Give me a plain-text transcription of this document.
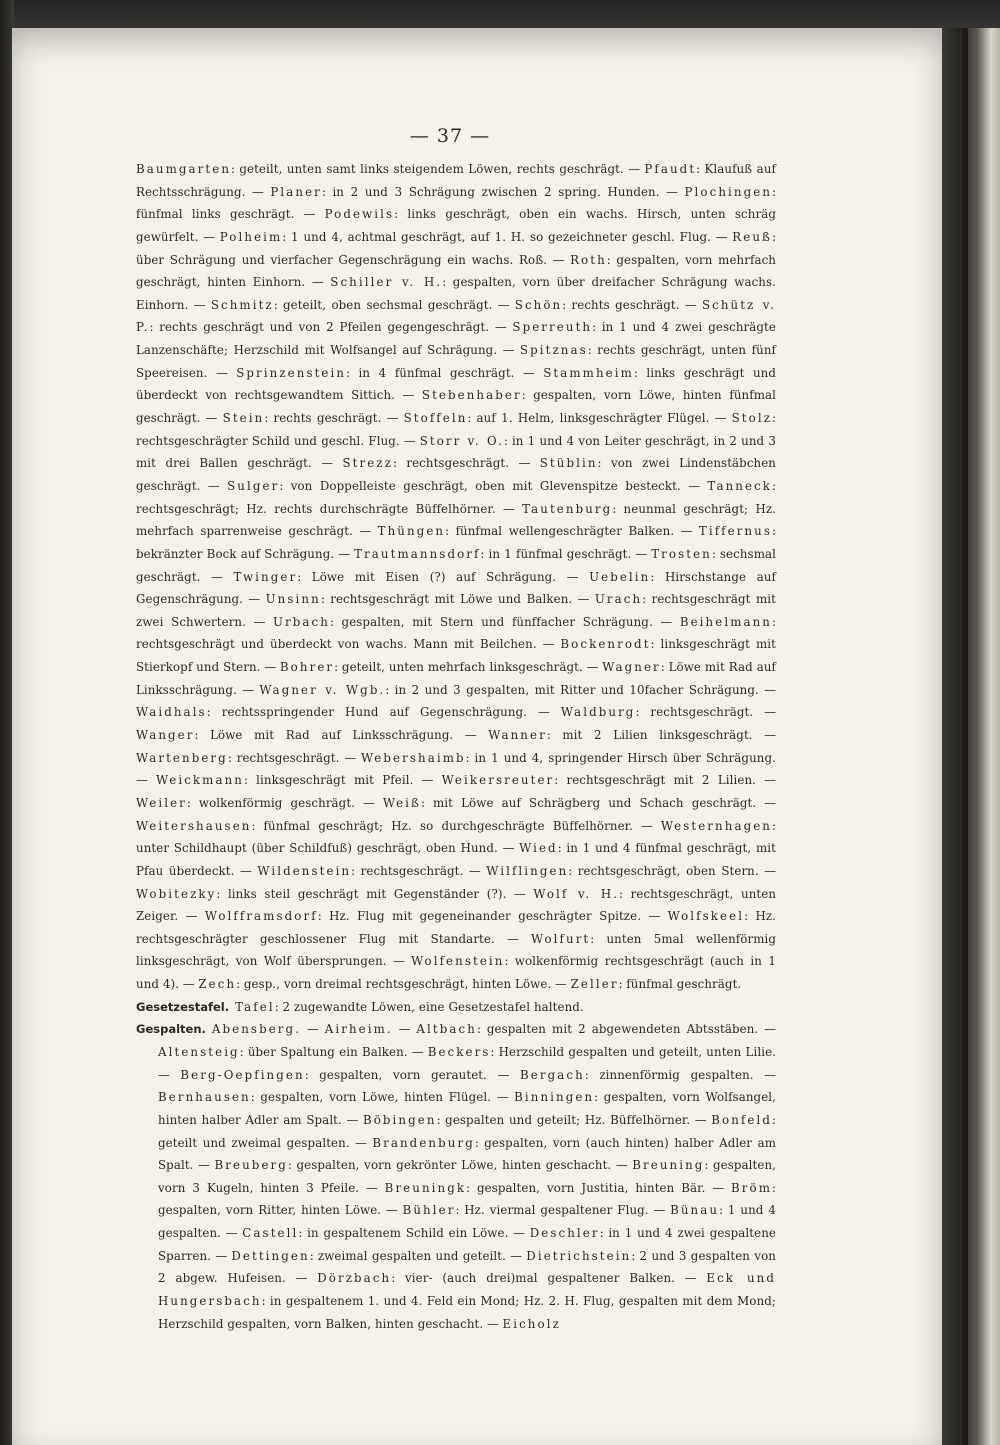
— 37 —

Baumgarten: geteilt, unten samt links steigendem Löwen, rechts geschrägt. — Pfaudt: Klaufuß auf Rechtsschrägung. — Planer: in 2 und 3 Schrägung zwischen 2 spring. Hunden. — Plochingen: fünfmal links geschrägt. — Podewils: links geschrägt, oben ein wachs. Hirsch, unten schräg gewürfelt. — Polheim: 1 und 4, achtmal geschrägt, auf 1. H. so gezeichneter geschl. Flug. — Reuß: über Schrägung und vierfacher Gegenschrägung ein wachs. Roß. — Roth: gespalten, vorn mehrfach geschrägt, hinten Einhorn. — Schiller v. H.: gespalten, vorn über dreifacher Schrägung wachs. Einhorn. — Schmitz: geteilt, oben sechsmal geschrägt. — Schön: rechts geschrägt. — Schütz v. P.: rechts geschrägt und von 2 Pfeilen gegengeschrägt. — Sperreuth: in 1 und 4 zwei geschrägte Lanzenschäfte; Herzschild mit Wolfsangel auf Schrägung. — Spitznas: rechts geschrägt, unten fünf Speereisen. — Sprinzenstein: in 4 fünfmal geschrägt. — Stammheim: links geschrägt und überdeckt von rechtsgewandtem Sittich. — Stebenhaber: gespalten, vorn Löwe, hinten fünfmal geschrägt. — Stein: rechts geschrägt. — Stoffeln: auf 1. Helm, linksgeschrägter Flügel. — Stolz: rechtsgeschrägter Schild und geschl. Flug. — Storr v. O.: in 1 und 4 von Leiter geschrägt, in 2 und 3 mit drei Ballen geschrägt. — Strezz: rechtsgeschrägt. — Stüblin: von zwei Lindenstäbchen geschrägt. — Sulger: von Doppelleiste geschrägt, oben mit Glevenspitze besteckt. — Tanneck: rechtsgeschrägt; Hz. rechts durchschrägte Büffelhörner. — Tautenburg: neunmal geschrägt; Hz. mehrfach sparrenweise geschrägt. — Thüngen: fünfmal wellengeschrägter Balken. — Tiffernus: bekränzter Bock auf Schrägung. — Trautmannsdorf: in 1 fünfmal geschrägt. — Trosten: sechsmal geschrägt. — Twinger: Löwe mit Eisen (?) auf Schrägung. — Uebelin: Hirschstange auf Gegenschrägung. — Unsinn: rechtsgeschrägt mit Löwe und Balken. — Urach: rechtsgeschrägt mit zwei Schwertern. — Urbach: gespalten, mit Stern und fünffacher Schrägung. — Beihelmann: rechtsgeschrägt und überdeckt von wachs. Mann mit Beilchen. — Bockenrodt: linksgeschrägt mit Stierkopf und Stern. — Bohrer: geteilt, unten mehrfach linksgeschrägt. — Wagner: Löwe mit Rad auf Linksschrägung. — Wagner v. Wgb.: in 2 und 3 gespalten, mit Ritter und 10facher Schrägung. — Waidhals: rechtsspringender Hund auf Gegenschrägung. — Waldburg: rechtsgeschrägt. — Wanger: Löwe mit Rad auf Linksschrägung. — Wanner: mit 2 Lilien linksgeschrägt. — Wartenberg: rechtsgeschrägt. — Webershaimb: in 1 und 4, springender Hirsch über Schrägung. — Weickmann: linksgeschrägt mit Pfeil. — Weikersreuter: rechtsgeschrägt mit 2 Lilien. — Weiler: wolkenförmig geschrägt. — Weiß: mit Löwe auf Schrägberg und Schach geschrägt. — Weitershausen: fünfmal geschrägt; Hz. so durchgeschrägte Büffelhörner. — Westernhagen: unter Schildhaupt (über Schildfuß) geschrägt, oben Hund. — Wied: in 1 und 4 fünfmal geschrägt, mit Pfau überdeckt. — Wildenstein: rechtsgeschrägt. — Wilflingen: rechtsgeschrägt, oben Stern. — Wobitezky: links steil geschrägt mit Gegenständer (?). — Wolf v. H.: rechtsgeschrägt, unten Zeiger. — Wolfframsdorf: Hz. Flug mit gegeneinander geschrägter Spitze. — Wolfskeel: Hz. rechtsgeschrägter geschlossener Flug mit Standarte. — Wolfurt: unten 5mal wellenförmig linksgeschrägt, von Wolf übersprungen. — Wolfenstein: wolkenförmig rechtsgeschrägt (auch in 1 und 4). — Zech: gesp., vorn dreimal rechtsgeschrägt, hinten Löwe. — Zeller: fünfmal geschrägt.

Gesetzestafel. Tafel: 2 zugewandte Löwen, eine Gesetzestafel haltend.

Gespalten. Abensberg. — Airheim. — Altbach: gespalten mit 2 abgewendeten Abtsstäben. — Altensteig: über Spaltung ein Balken. — Beckers: Herzschild gespalten und geteilt, unten Lilie. — Berg-Oepfingen: gespalten, vorn gerautet. — Bergach: zinnenförmig gespalten. — Bernhausen: gespalten, vorn Löwe, hinten Flügel. — Binningen: gespalten, vorn Wolfsangel, hinten halber Adler am Spalt. — Böbingen: gespalten und geteilt; Hz. Büffelhörner. — Bonfeld: geteilt und zweimal gespalten. — Brandenburg: gespalten, vorn (auch hinten) halber Adler am Spalt. — Breuberg: gespalten, vorn gekrönter Löwe, hinten geschacht. — Breuning: gespalten, vorn 3 Kugeln, hinten 3 Pfeile. — Breuningk: gespalten, vorn Justitia, hinten Bär. — Bröm: gespalten, vorn Ritter, hinten Löwe. — Bühler: Hz. viermal gespaltener Flug. — Bünau: 1 und 4 gespalten. — Castell: in gespaltenem Schild ein Löwe. — Deschler: in 1 und 4 zwei gespaltene Sparren. — Dettingen: zweimal gespalten und geteilt. — Dietrichstein: 2 und 3 gespalten von 2 abgew. Hufeisen. — Dörzbach: vier- (auch drei)mal gespaltener Balken. — Eck und Hungersbach: in gespaltenem 1. und 4. Feld ein Mond; Hz. 2. H. Flug, gespalten mit dem Mond; Herzschild gespalten, vorn Balken, hinten geschacht. — Eicholz
